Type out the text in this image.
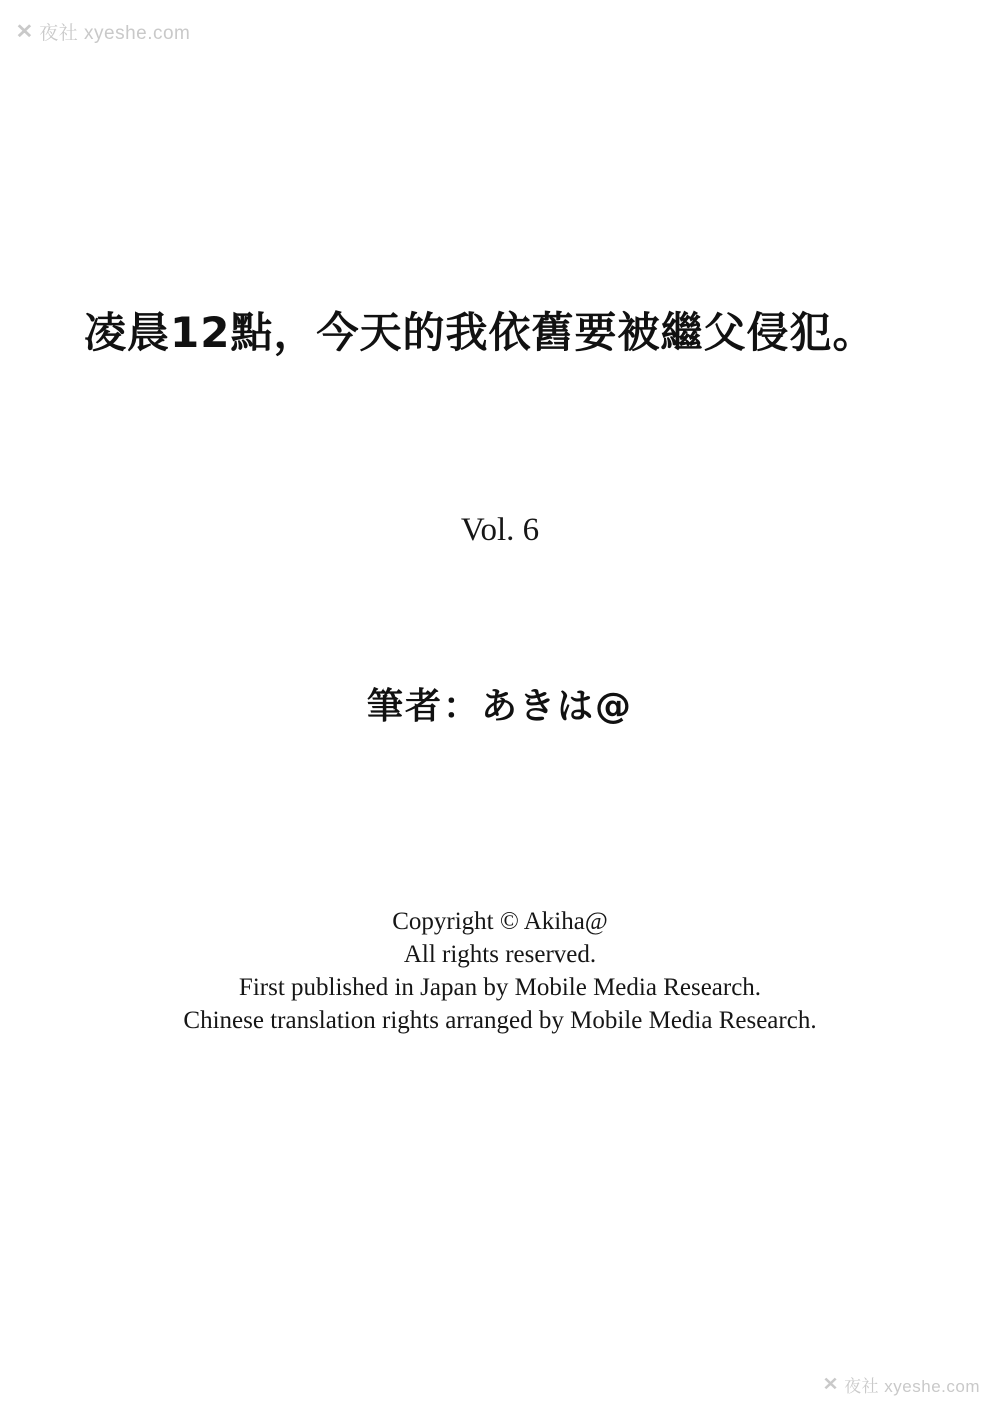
✕ 夜社 xyeshe.com
凌晨12點，今天的我依舊要被繼父侵犯。
Vol. 6
筆者：あきは@
Copyright © Akiha@
All rights reserved.
First published in Japan by Mobile Media Research.
Chinese translation rights arranged by Mobile Media Research.
✕ 夜社 xyeshe.com
